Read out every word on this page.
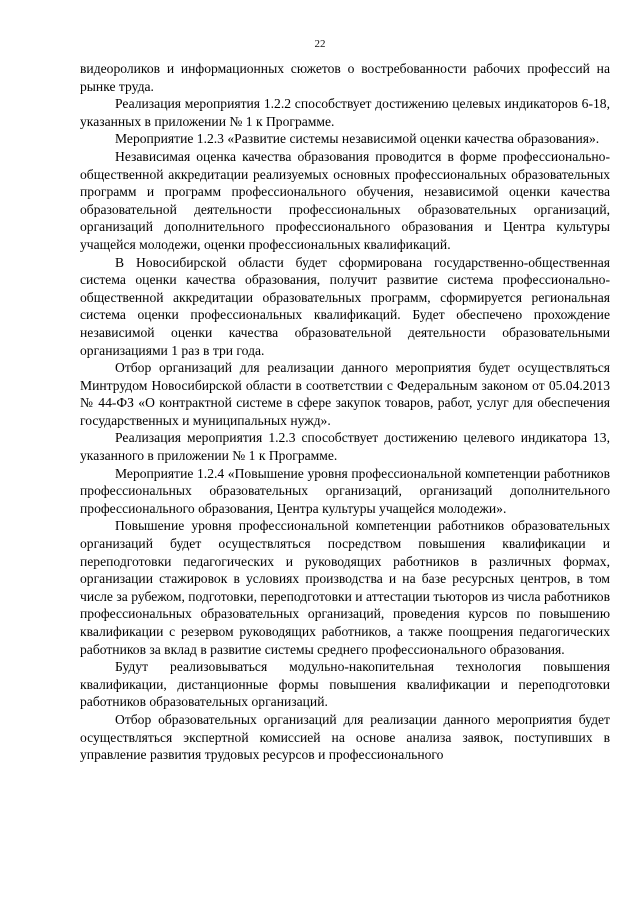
22

видеороликов и информационных сюжетов о востребованности рабочих профессий на рынке труда.

Реализация мероприятия 1.2.2 способствует достижению целевых индикаторов 6-18, указанных в приложении № 1 к Программе.

Мероприятие 1.2.3 «Развитие системы независимой оценки качества образования».

Независимая оценка качества образования проводится в форме профессионально-общественной аккредитации реализуемых основных профессиональных образовательных программ и программ профессионального обучения, независимой оценки качества образовательной деятельности профессиональных образовательных организаций, организаций дополнительного профессионального образования и Центра культуры учащейся молодежи, оценки профессиональных квалификаций.

В Новосибирской области будет сформирована государственно-общественная система оценки качества образования, получит развитие система профессионально-общественной аккредитации образовательных программ, сформируется региональная система оценки профессиональных квалификаций. Будет обеспечено прохождение независимой оценки качества образовательной деятельности образовательными организациями 1 раз в три года.

Отбор организаций для реализации данного мероприятия будет осуществляться Минтрудом Новосибирской области в соответствии с Федеральным законом от 05.04.2013 № 44-ФЗ «О контрактной системе в сфере закупок товаров, работ, услуг для обеспечения государственных и муниципальных нужд».

Реализация мероприятия 1.2.3 способствует достижению целевого индикатора 13, указанного в приложении № 1 к Программе.

Мероприятие 1.2.4 «Повышение уровня профессиональной компетенции работников профессиональных образовательных организаций, организаций дополнительного профессионального образования, Центра культуры учащейся молодежи».

Повышение уровня профессиональной компетенции работников образовательных организаций будет осуществляться посредством повышения квалификации и переподготовки педагогических и руководящих работников в различных формах, организации стажировок в условиях производства и на базе ресурсных центров, в том числе за рубежом, подготовки, переподготовки и аттестации тьюторов из числа работников профессиональных образовательных организаций, проведения курсов по повышению квалификации с резервом руководящих работников, а также поощрения педагогических работников за вклад в развитие системы среднего профессионального образования.

Будут реализовываться модульно-накопительная технология повышения квалификации, дистанционные формы повышения квалификации и переподготовки работников образовательных организаций.

Отбор образовательных организаций для реализации данного мероприятия будет осуществляться экспертной комиссией на основе анализа заявок, поступивших в управление развития трудовых ресурсов и профессионального
